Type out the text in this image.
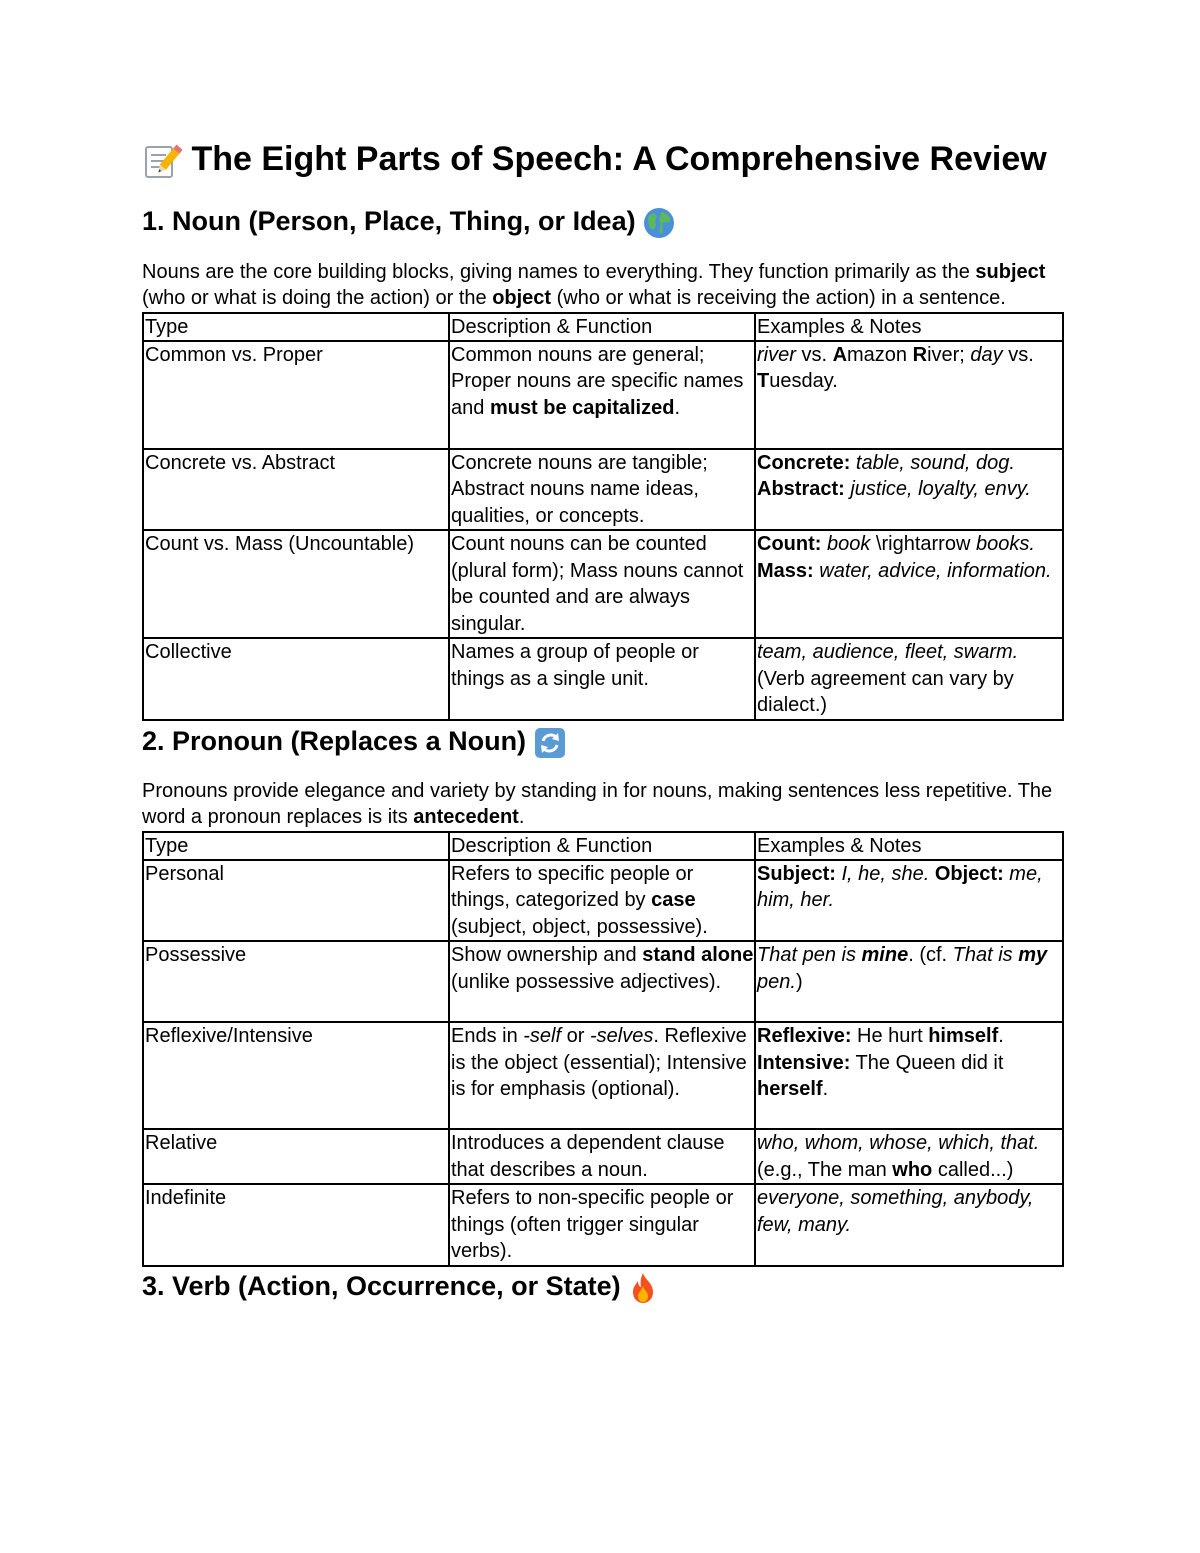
The Eight Parts of Speech: A Comprehensive Review
1. Noun (Person, Place, Thing, or Idea)

Nouns are the core building blocks, giving names to everything. They function primarily as the subject (who or what is doing the action) or the object (who or what is receiving the action) in a sentence.

Type	Description & Function	Examples & Notes
Common vs. Proper	Common nouns are general; Proper nouns are specific names and must be capitalized.	river vs. Amazon River; day vs. Tuesday.
Concrete vs. Abstract	Concrete nouns are tangible; Abstract nouns name ideas, qualities, or concepts.	Concrete: table, sound, dog.
Abstract: justice, loyalty, envy.
Count vs. Mass (Uncountable)	Count nouns can be counted (plural form); Mass nouns cannot be counted and are always singular.	Count: book \rightarrow books.
Mass: water, advice, information.
Collective	Names a group of people or things as a single unit.	team, audience, fleet, swarm. (Verb agreement can vary by dialect.)
2. Pronoun (Replaces a Noun)

Pronouns provide elegance and variety by standing in for nouns, making sentences less repetitive. The word a pronoun replaces is its antecedent.

Type	Description & Function	Examples & Notes
Personal	Refers to specific people or things, categorized by case (subject, object, possessive).	Subject: I, he, she. Object: me, him, her.
Possessive	Show ownership and stand alone (unlike possessive adjectives).	That pen is mine. (cf. That is my pen.)
Reflexive/Intensive	Ends in -self or -selves. Reflexive is the object (essential); Intensive is for emphasis (optional).	Reflexive: He hurt himself.
Intensive: The Queen did it herself.
Relative	Introduces a dependent clause that describes a noun.	who, whom, whose, which, that. (e.g., The man who called...)
Indefinite	Refers to non-specific people or things (often trigger singular verbs).	everyone, something, anybody, few, many.
3. Verb (Action, Occurrence, or State)
